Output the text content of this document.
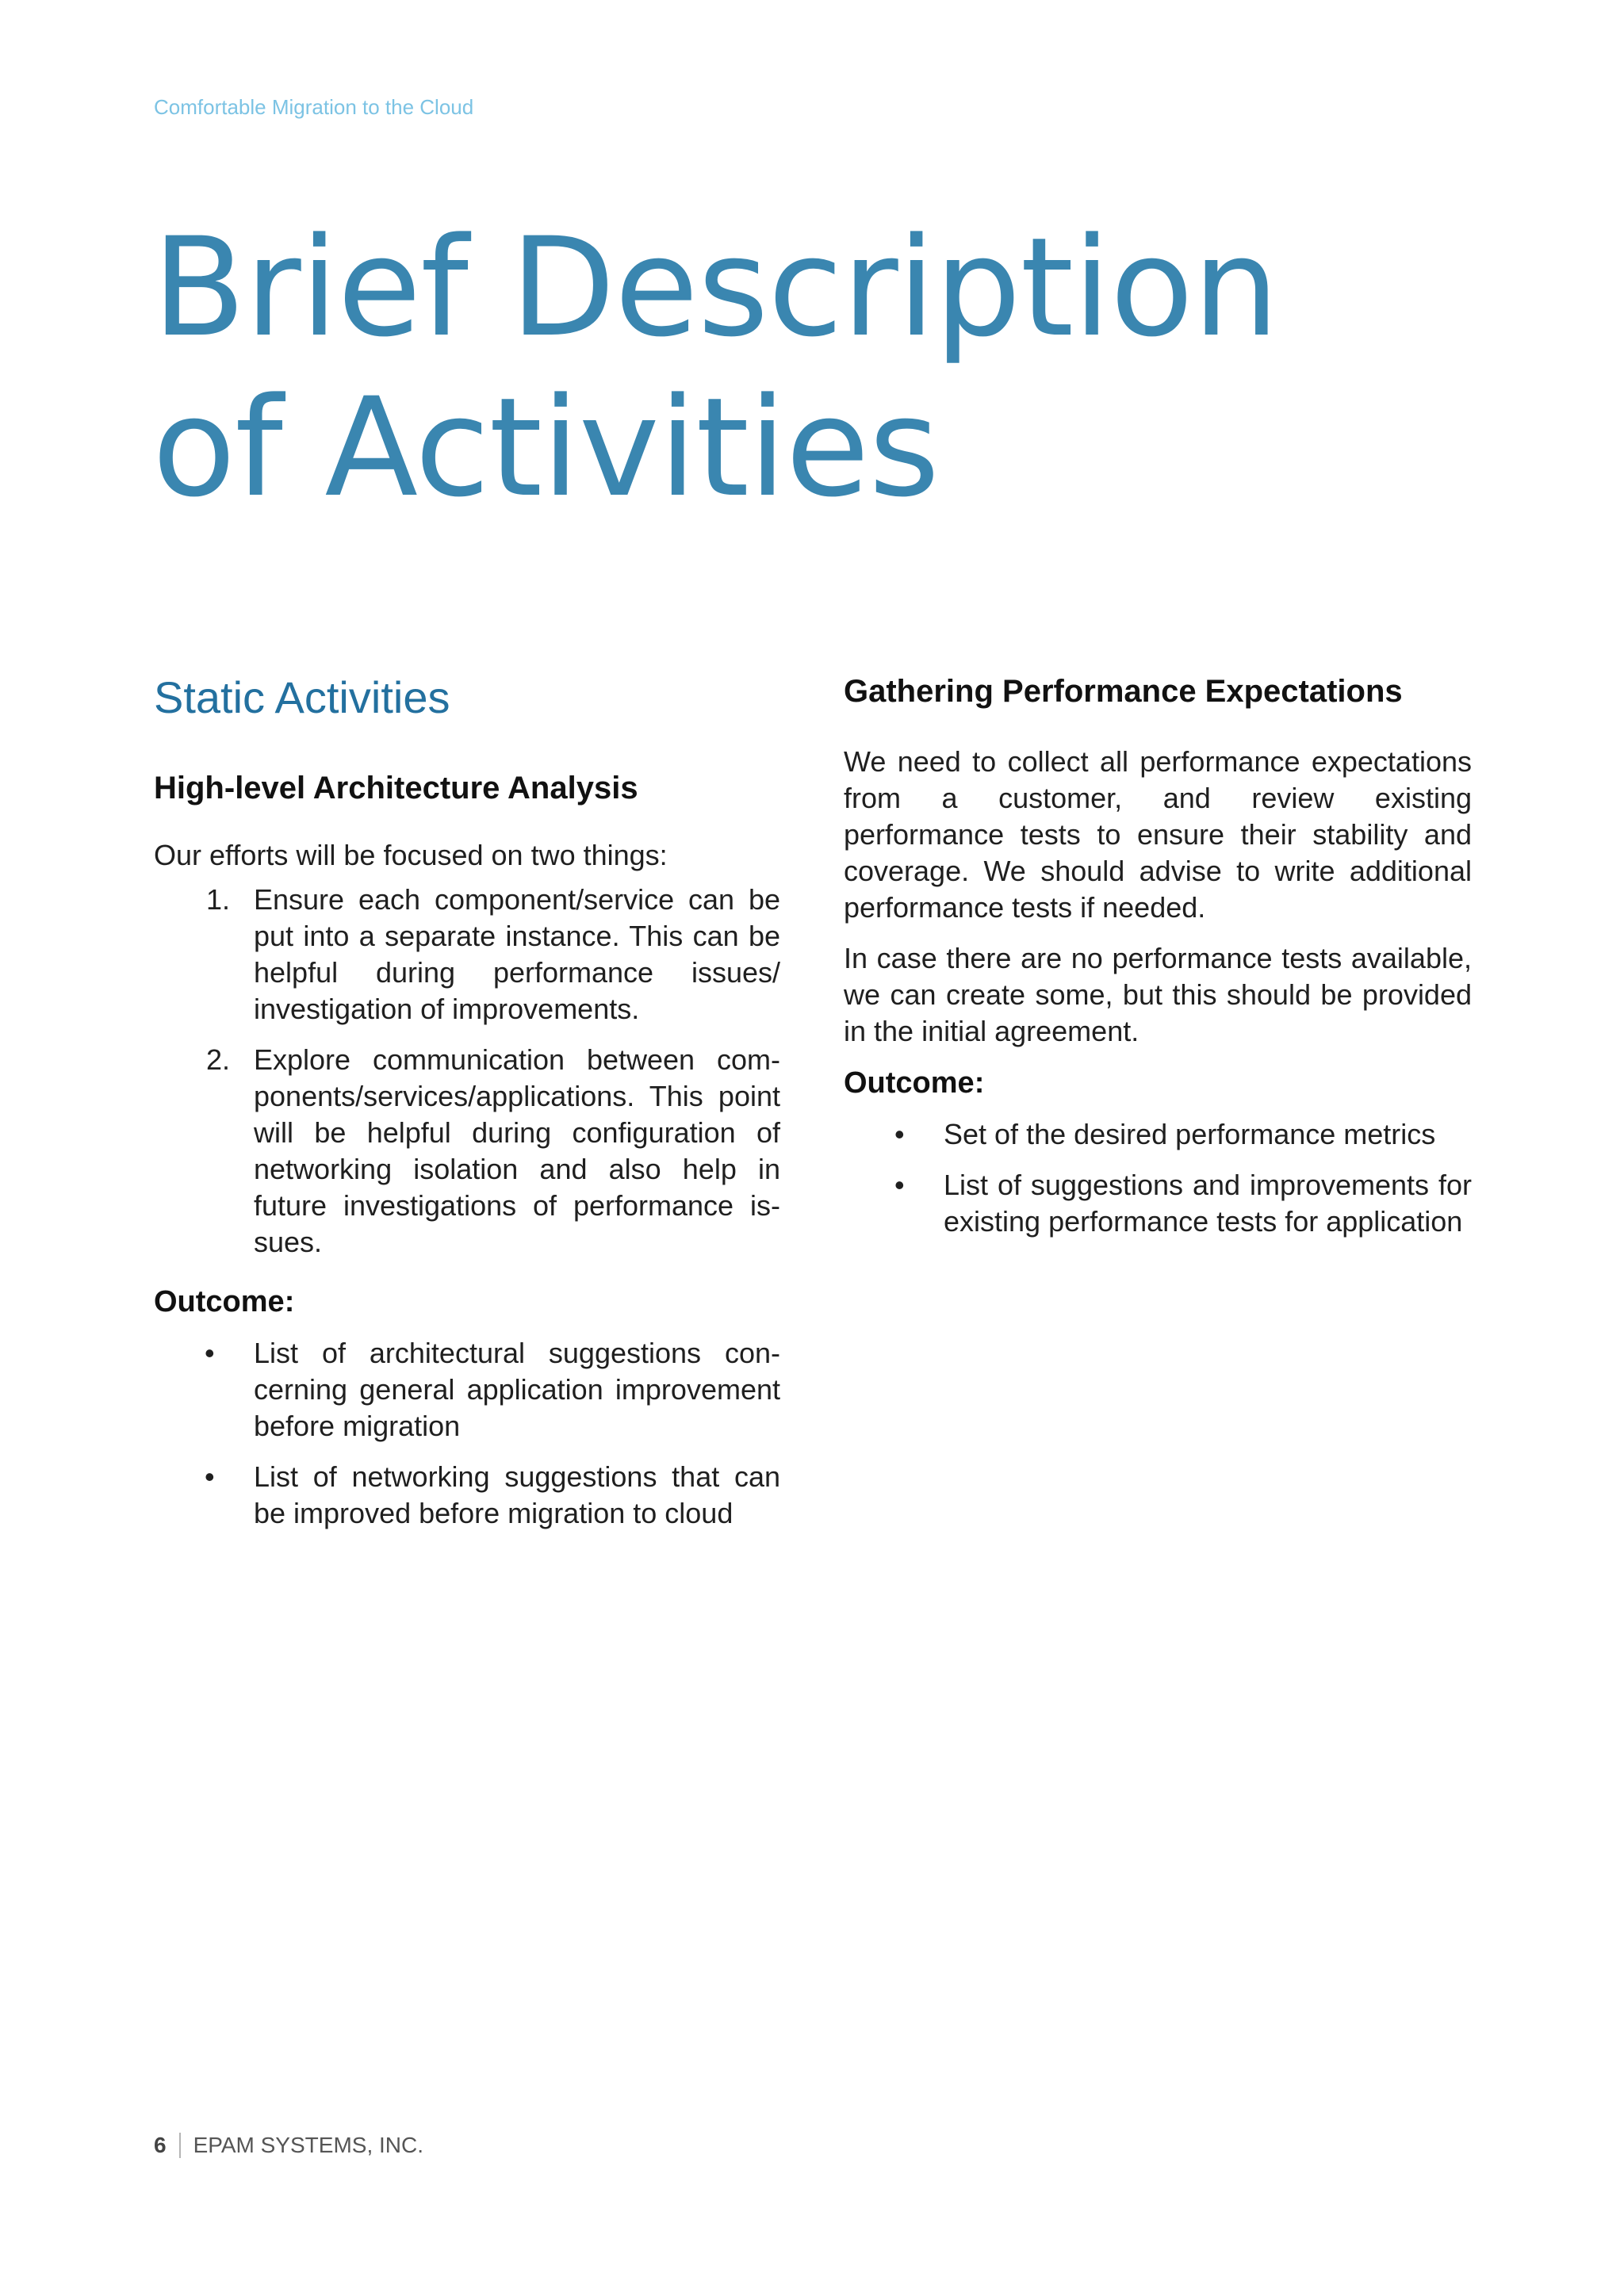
Comfortable Migration to the Cloud
Brief Description
of Activities
Static Activities
High-level Architecture Analysis

Our efforts will be focused on two things:

1. Ensure each component/service can be put into a separate instance. This can be helpful during performance issues/ investigation of improvements.
2. Explore communication between components/services/applications. This point will be helpful during configuration of networking isolation and also help in future investigations of performance issues.
Outcome:
•	List of architectural suggestions concerning general application improvement before migration
•	List of networking suggestions that can be improved before migration to cloud
Gathering Performance Expectations

We need to collect all performance expectations from a customer, and review existing performance tests to ensure their stability and coverage. We should advise to write additional performance tests if needed.

In case there are no performance tests available, we can create some, but this should be provided in the initial agreement.

Outcome:
•	Set of the desired performance metrics
•	List of suggestions and improvements for existing performance tests for application
6 EPAM SYSTEMS, INC.
